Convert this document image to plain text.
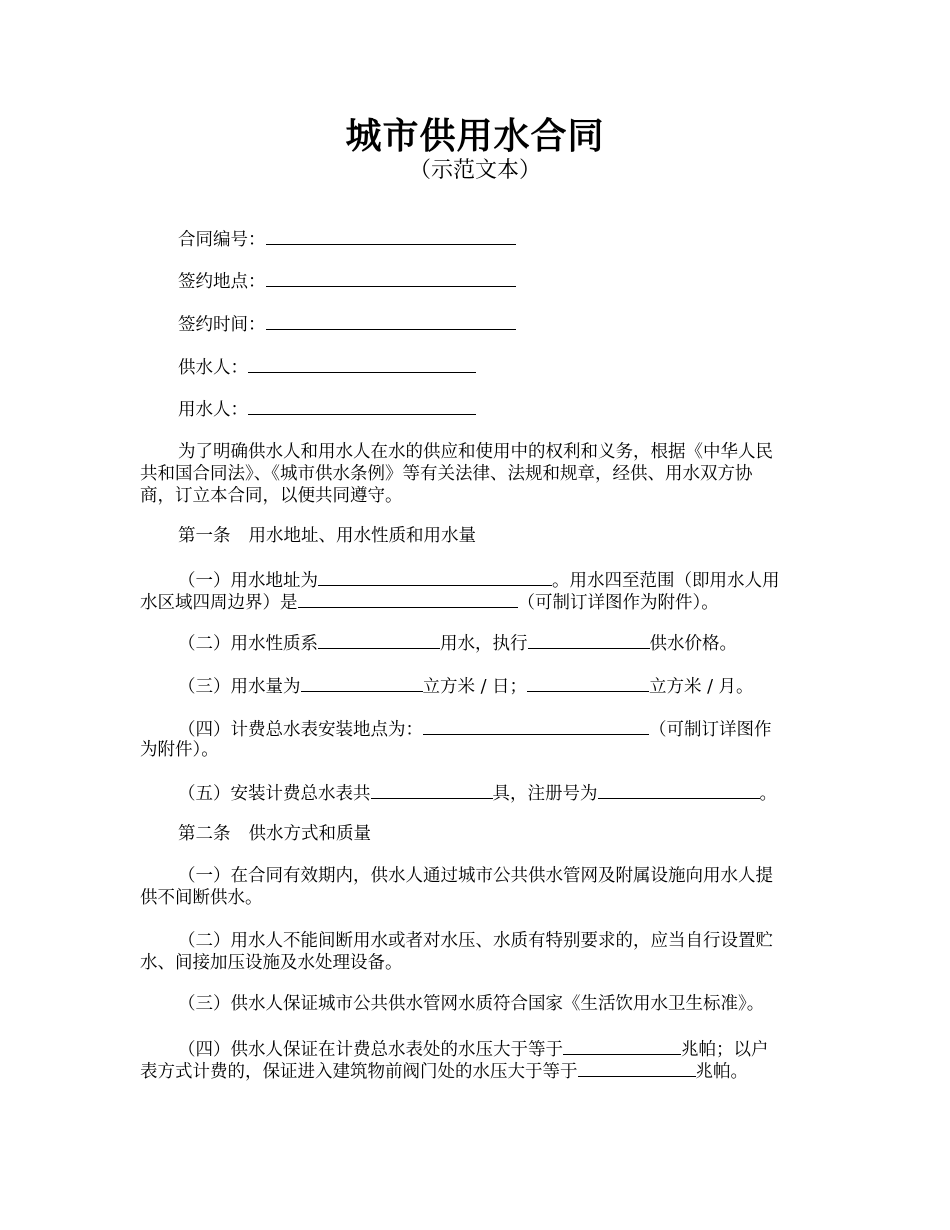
城市供用水合同
（示范文本）
合同编号：
签约地点：
签约时间：
供水人：
用水人：
为了明确供水人和用水人在水的供应和使用中的权利和义务，根据《中华人民
共和国合同法》、《城市供水条例》等有关法律、法规和规章，经供、用水双方协
商，订立本合同，以便共同遵守。
第一条 用水地址、用水性质和用水量
（一）用水地址为	。用水四至范围（即用水人用
水区域四周边界）是	（可制订详图作为附件）。
（二）用水性质系	用水，执行	供水价格。
（三）用水量为	立方米 / 日；	立方米 / 月。
（四）计费总水表安装地点为：	（可制订详图作
为附件）。
（五）安装计费总水表共	具，注册号为	。
第二条 供水方式和质量
（一）在合同有效期内，供水人通过城市公共供水管网及附属设施向用水人提
供不间断供水。
（二）用水人不能间断用水或者对水压、水质有特别要求的，应当自行设置贮
水、间接加压设施及水处理设备。
（三）供水人保证城市公共供水管网水质符合国家《生活饮用水卫生标准》。
（四）供水人保证在计费总水表处的水压大于等于	兆帕；以户
表方式计费的，保证进入建筑物前阀门处的水压大于等于	兆帕。
